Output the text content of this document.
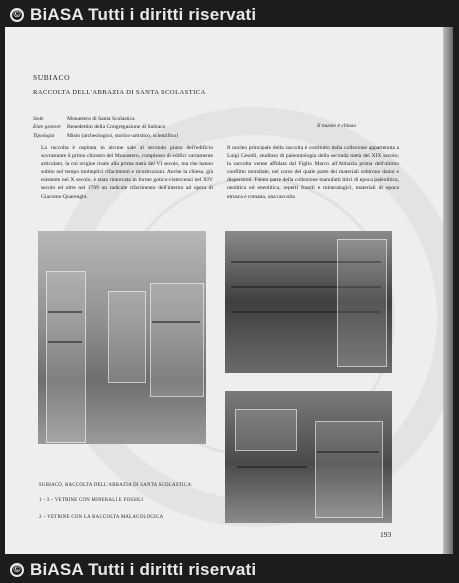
© BiASA Tutti i diritti riservati
SUBIACO
RACCOLTA DELL'ABBAZIA DI SANTA SCOLASTICA
Sede	Monastero di Santa Scolastica
Ente gestore	Benedettini della Congregazione di Subiaco
Tipologia	Misto (archeologico, storico-artistico, scientifico)
Il museo è chiuso
La raccolta è ospitata in alcune sale al secondo piano dell'edificio sovrastante il primo chiostro del Monastero, complesso di edifici variamente articolato, la cui origine risale alla prima metà del VI secolo, ma che hanno subito nel tempo molteplici rifacimenti e ricostruzioni. Anche la chiesa, già esistente nel X secolo, è stata rinnovata in forme gotico-cistercensi nel XIV secolo ed oltre nel 1769 un radicale rifacimento dell'interno ad opera di Giacomo Quarenghi.
Il nucleo principale della raccolta è costituito dalla collezione appartenuta a Luigi Ceselli, studioso di paleontologia della seconda metà del XIX secolo; la raccolta venne affidata dal Figlio Marco all'Abbazia prima dell'ultimo conflitto mondiale, nel corso del quale parte dei materiali subirono danni e dispersioni. Fanno parte della collezione manufatti litici di epoca paleolitica, neolitica ed eneolitica, reperti fossili e mineralogici, materiali di epoca etrusca e romana, una raccolta
SUBIACO, RACCOLTA DELL'ABBAZIA DI SANTA SCOLASTICA:
1 - 3 – VETRINE CON MINERALI E FOSSILI
2 – VETRINE CON LA RACCOLTA MALACOLOGICA
193
© BiASA Tutti i diritti riservati
